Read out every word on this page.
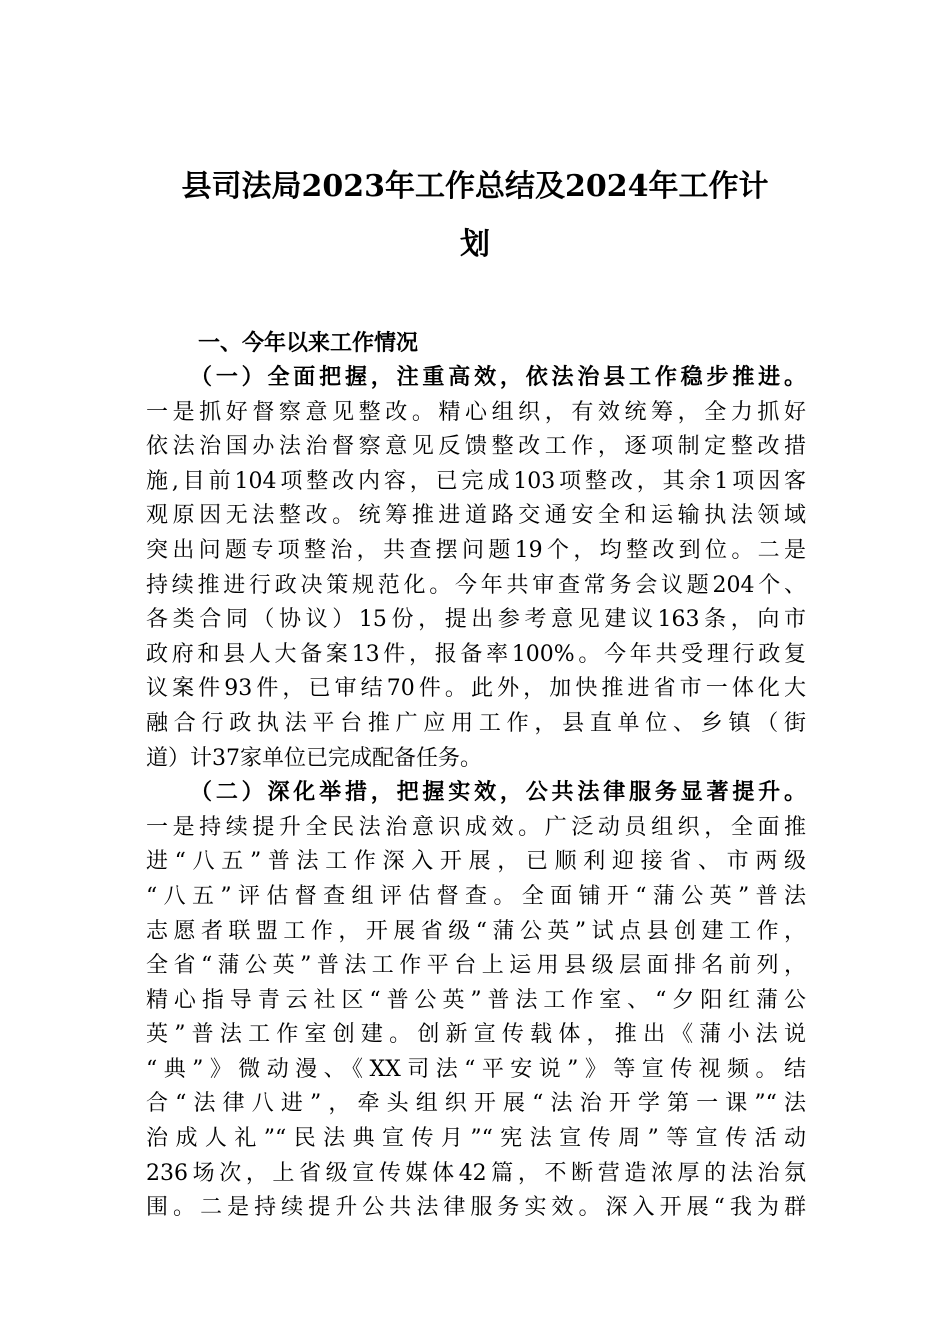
县司法局2023年工作总结及2024年工作计
划

一、今年以来工作情况

（一）全面把握，注重高效，依法治县工作稳步推进。

一是抓好督察意见整改。精心组织，有效统筹，全力抓好

依法治国办法治督察意见反馈整改工作，逐项制定整改措

施,目前104项整改内容，已完成103项整改，其余1项因客

观原因无法整改。统筹推进道路交通安全和运输执法领域

突出问题专项整治，共查摆问题19个，均整改到位。二是

持续推进行政决策规范化。今年共审查常务会议题204个、

各类合同（协议）15份，提出参考意见建议163条，向市

政府和县人大备案13件，报备率100%。今年共受理行政复

议案件93件，已审结70件。此外，加快推进省市一体化大

融合行政执法平台推广应用工作，县直单位、乡镇（街

道）计37家单位已完成配备任务。

（二）深化举措，把握实效，公共法律服务显著提升。

一是持续提升全民法治意识成效。广泛动员组织，全面推

进“八五”普法工作深入开展，已顺利迎接省、市两级

“八五”评估督查组评估督查。全面铺开“蒲公英”普法

志愿者联盟工作，开展省级“蒲公英”试点县创建工作，

全省“蒲公英”普法工作平台上运用县级层面排名前列，

精心指导青云社区“普公英”普法工作室、“夕阳红蒲公

英”普法工作室创建。创新宣传载体，推出《蒲小法说

“典”》微动漫、《XX司法“平安说”》等宣传视频。结

合“法律八进”，牵头组织开展“法治开学第一课”“法

治成人礼”“民法典宣传月”“宪法宣传周”等宣传活动

236场次，上省级宣传媒体42篇，不断营造浓厚的法治氛

围。二是持续提升公共法律服务实效。深入开展“我为群
